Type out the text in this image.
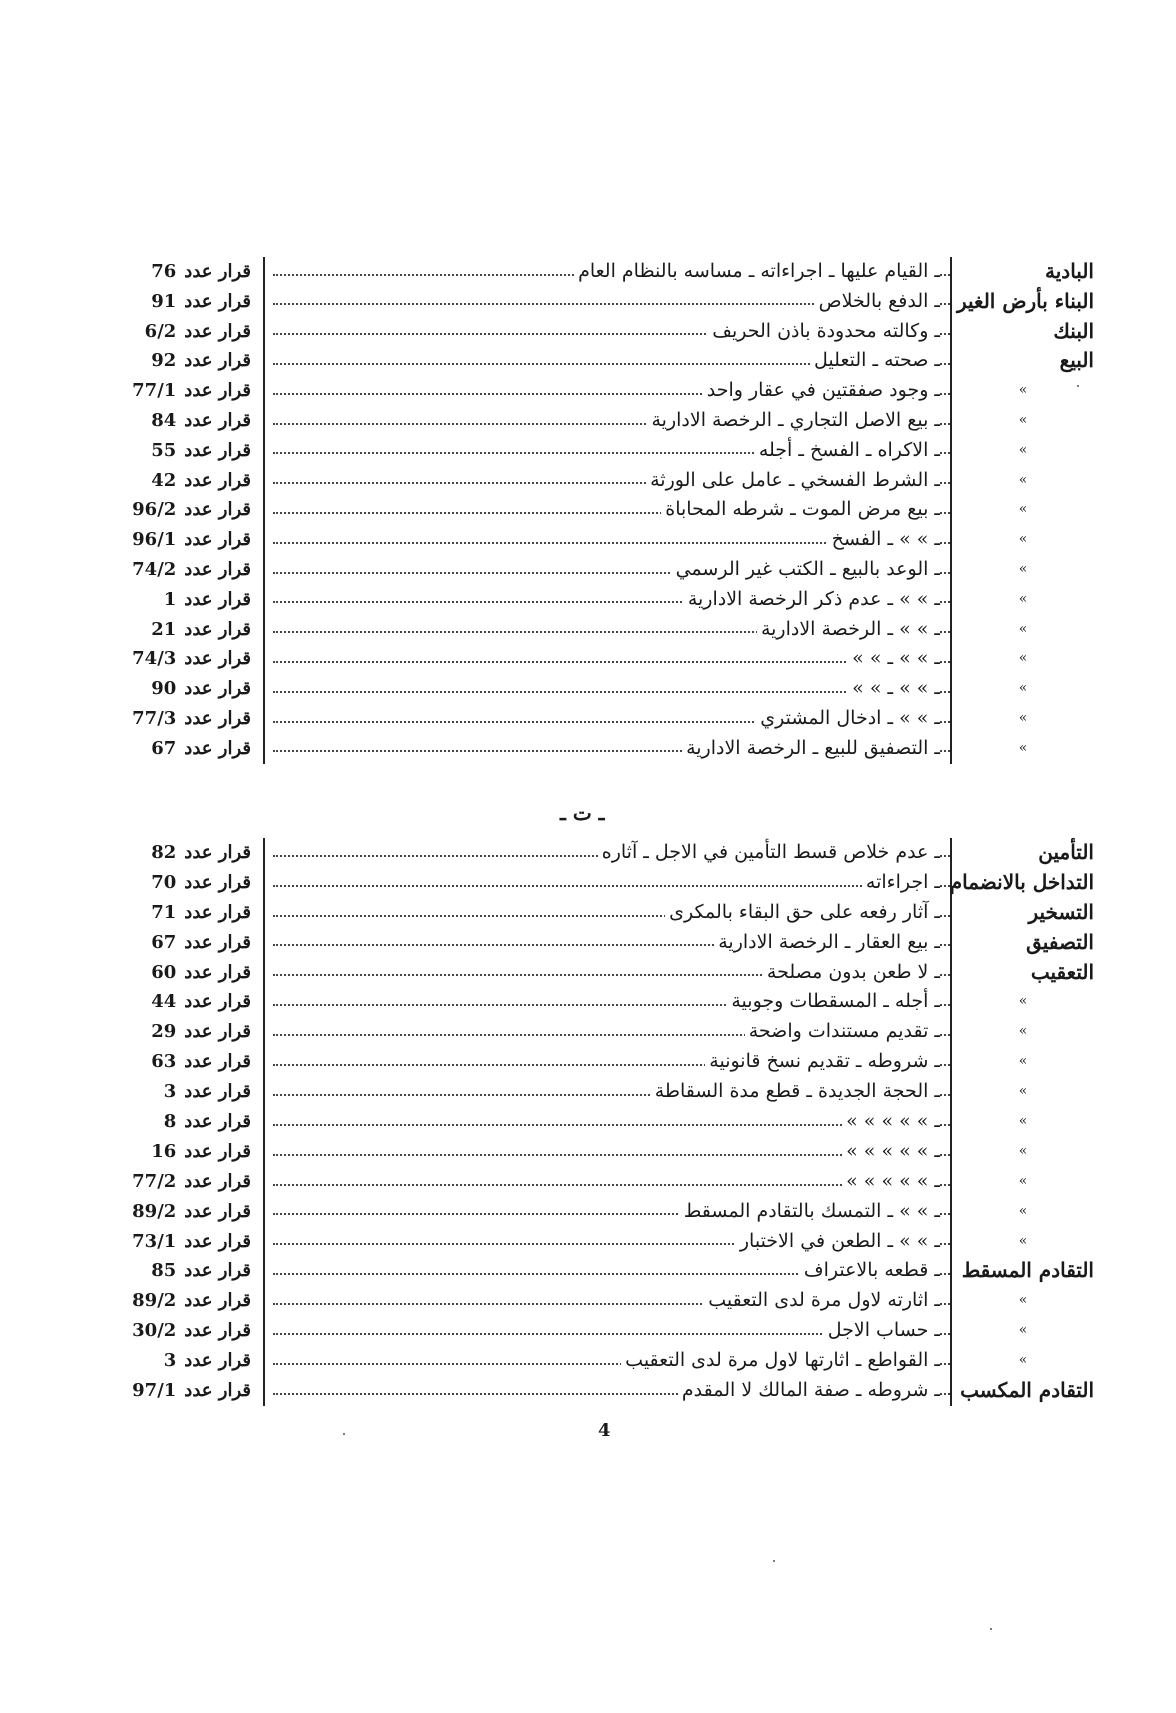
البادية
ـ القيام عليها ـ اجراءاته ـ مساسه بالنظام العام
قرار عدد76
البناء بأرض الغير
ـ الدفع بالخلاص
قرار عدد91
البنك
ـ وكالته محدودة باذن الحريف
قرار عدد6/2
البيع
ـ صحته ـ التعليل
قرار عدد92
»
ـ وجود صفقتين في عقار واحد
قرار عدد77/1
»
ـ بيع الاصل التجاري ـ الرخصة الادارية
قرار عدد84
»
ـ الاكراه ـ الفسخ ـ أجله
قرار عدد55
»
ـ الشرط الفسخي ـ عامل على الورثة
قرار عدد42
»
ـ بيع مرض الموت ـ شرطه المحاباة
قرار عدد96/2
»
ـ » » ـ الفسخ
قرار عدد96/1
»
ـ الوعد بالبيع ـ الكتب غير الرسمي
قرار عدد74/2
»
ـ » » ـ عدم ذكر الرخصة الادارية
قرار عدد1
»
ـ » » ـ الرخصة الادارية
قرار عدد21
»
ـ » » ـ » »
قرار عدد74/3
»
ـ » » ـ » »
قرار عدد90
»
ـ » » ـ ادخال المشتري
قرار عدد77/3
»
ـ التصفيق للبيع ـ الرخصة الادارية
قرار عدد67
ـ ت ـ
التأمين
ـ عدم خلاص قسط التأمين في الاجل ـ آثاره
قرار عدد82
التداخل بالانضمام
ـ اجراءاته
قرار عدد70
التسخير
ـ آثار رفعه على حق البقاء بالمكرى
قرار عدد71
التصفيق
ـ بيع العقار ـ الرخصة الادارية
قرار عدد67
التعقيب
ـ لا طعن بدون مصلحة
قرار عدد60
»
ـ أجله ـ المسقطات وجوبية
قرار عدد44
»
ـ تقديم مستندات واضحة
قرار عدد29
»
ـ شروطه ـ تقديم نسخ قانونية
قرار عدد63
»
ـ الحجة الجديدة ـ قطع مدة السقاطة
قرار عدد3
»
ـ » » » » »
قرار عدد8
»
ـ » » » » »
قرار عدد16
»
ـ » » » » »
قرار عدد77/2
»
ـ » » ـ التمسك بالتقادم المسقط
قرار عدد89/2
»
ـ » » ـ الطعن في الاختبار
قرار عدد73/1
التقادم المسقط
ـ قطعه بالاعتراف
قرار عدد85
»
ـ اثارته لاول مرة لدى التعقيب
قرار عدد89/2
»
ـ حساب الاجل
قرار عدد30/2
»
ـ القواطع ـ اثارتها لاول مرة لدى التعقيب
قرار عدد3
التقادم المكسب
ـ شروطه ـ صفة المالك لا المقدم
قرار عدد97/1
4
